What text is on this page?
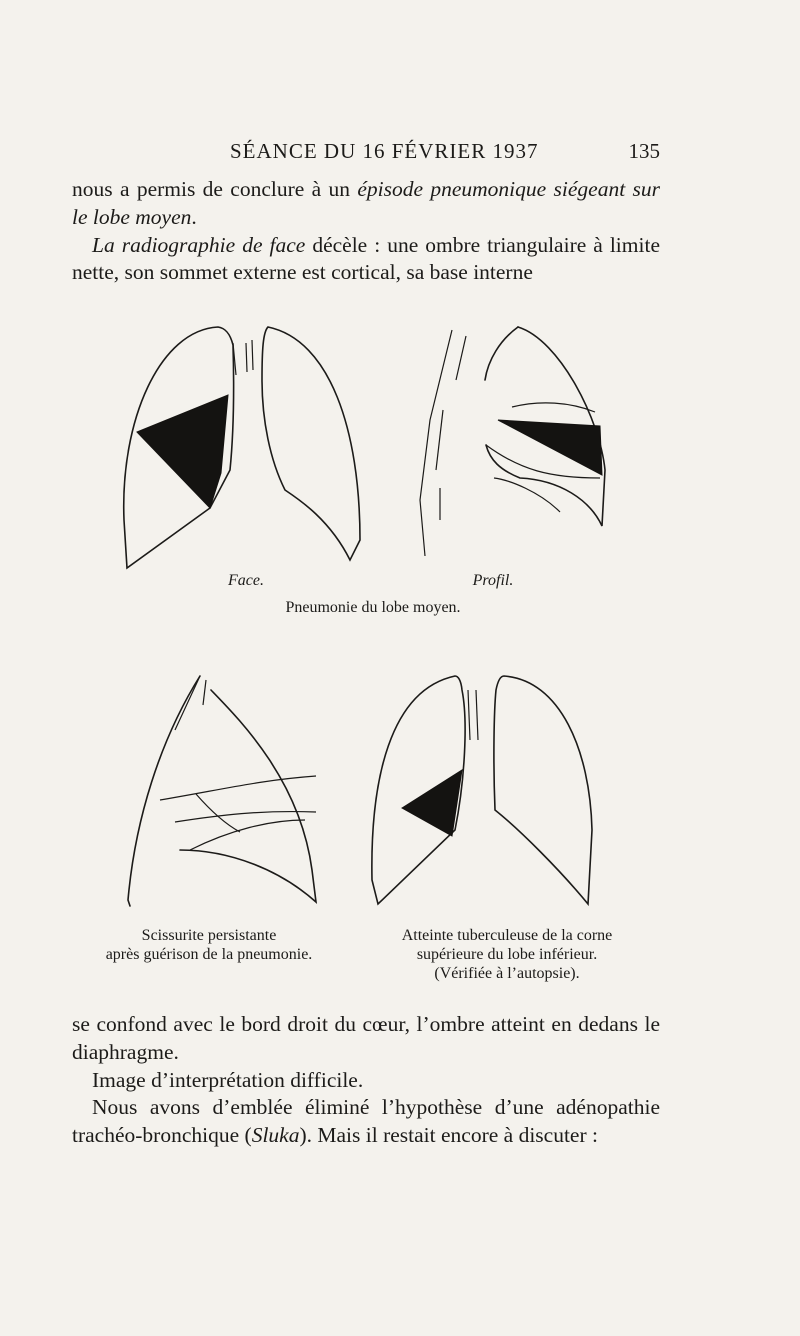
SÉANCE DU 16 FÉVRIER 1937	135

nous a permis de conclure à un épisode pneumonique siégeant sur le lobe moyen.

La radiographie de face décèle : une ombre triangulaire à limite nette, son sommet externe est cortical, sa base interne

Face.	Profil.
Pneumonie du lobe moyen.
Scissurite persistante
après guérison de la pneumonie.
Atteinte tuberculeuse de la corne
supérieure du lobe inférieur.
(Vérifiée à l’autopsie).

se confond avec le bord droit du cœur, l’ombre atteint en dedans le diaphragme.

Image d’interprétation difficile.

Nous avons d’emblée éliminé l’hypothèse d’une adénopathie trachéo-bronchique (Sluka). Mais il restait encore à discuter :
